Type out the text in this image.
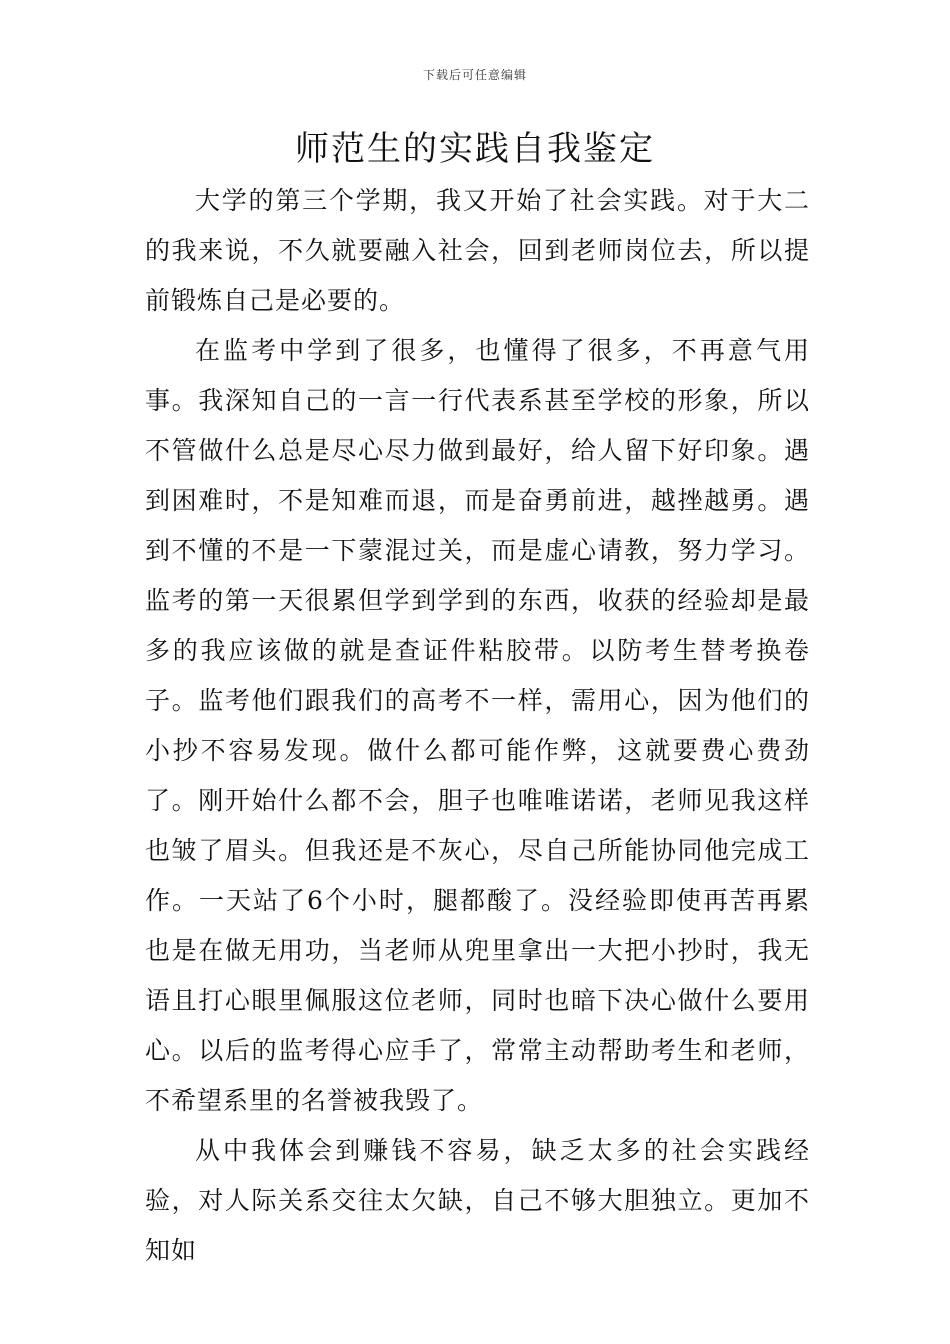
下载后可任意编辑
师范生的实践自我鉴定

大学的第三个学期，我又开始了社会实践。对于大二的我来说，不久就要融入社会，回到老师岗位去，所以提前锻炼自己是必要的。

在监考中学到了很多，也懂得了很多，不再意气用事。我深知自己的一言一行代表系甚至学校的形象，所以不管做什么总是尽心尽力做到最好，给人留下好印象。遇到困难时，不是知难而退，而是奋勇前进，越挫越勇。遇到不懂的不是一下蒙混过关，而是虚心请教，努力学习。监考的第一天很累但学到学到的东西，收获的经验却是最多的我应该做的就是查证件粘胶带。以防考生替考换卷子。监考他们跟我们的高考不一样，需用心，因为他们的小抄不容易发现。做什么都可能作弊，这就要费心费劲了。刚开始什么都不会，胆子也唯唯诺诺，老师见我这样也皱了眉头。但我还是不灰心，尽自己所能协同他完成工作。一天站了6个小时，腿都酸了。没经验即使再苦再累也是在做无用功，当老师从兜里拿出一大把小抄时，我无语且打心眼里佩服这位老师，同时也暗下决心做什么要用心。以后的监考得心应手了，常常主动帮助考生和老师，不希望系里的名誉被我毁了。

从中我体会到赚钱不容易，缺乏太多的社会实践经验，对人际关系交往太欠缺，自己不够大胆独立。更加不知如
